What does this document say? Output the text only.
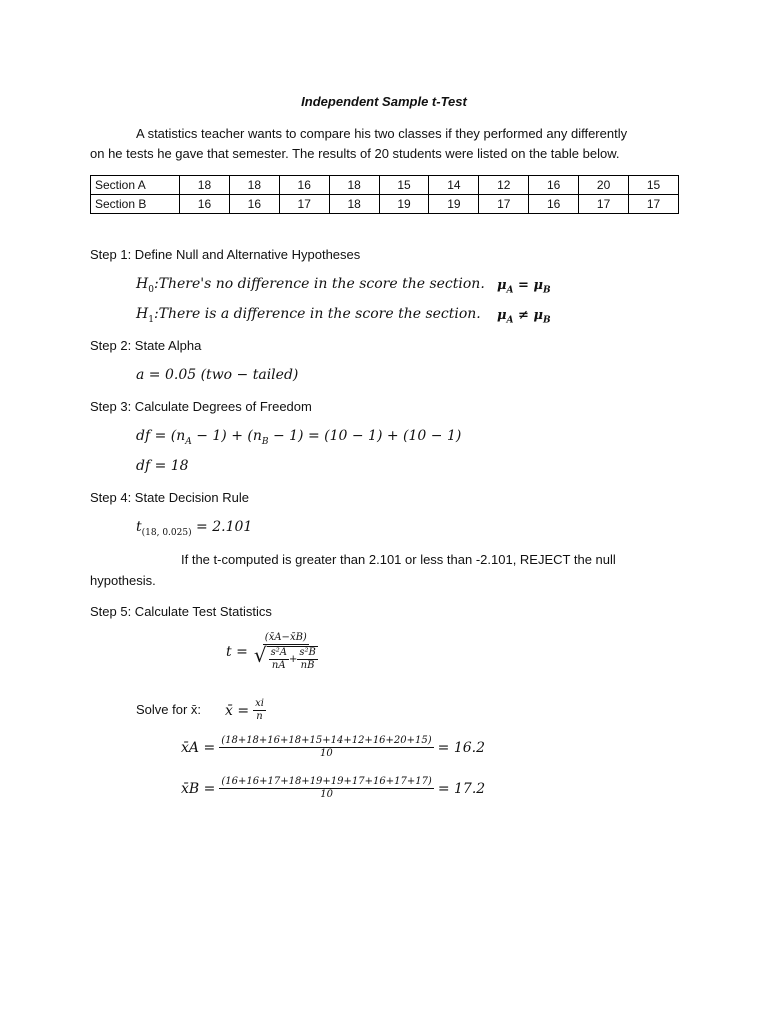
Independent Sample t-Test
A statistics teacher wants to compare his two classes if they performed any differently
on he tests he gave that semester. The results of 20 students were listed on the table below.
Section A	18	18	16	18	15	14	12	16	20	15
Section B	16	16	17	18	19	19	17	16	17	17
Step 1: Define Null and Alternative Hypotheses
$H_0:There's$ no difference in the score the section. $\mu_A = \mu_B$
$H_1:There$ is a difference in the score the section. $\mu_A \ne \mu_B$
Step 2: State Alpha
a = 0.05 (two − tailed)
Step 3: Calculate Degrees of Freedom
df = $(n_A - 1) + (n_B - 1) = (10 - 1) + (10 - 1)$
df = 18
Step 4: State Decision Rule
$t_{(18, 0.025)} = 2.101$
If the t-computed is greater than 2.101 or less than -2.101, REJECT the null
hypothesis.
Step 5: Calculate Test Statistics
$t = \frac{(x̄A-x̄B)}{√ \frac{\text{s²A}}{nA} + \frac{\text{s²B}}{nB}}$
Solve for x̄: x̄ = $\frac{xi}{n}$
x̄A = $\frac{(18+18+16+18+15+14+12+16+20+15)}{10} = 16.2$
x̄B = $\frac{(16+16+17+18+19+19+17+16+17+17)}{10} = 17.2$
